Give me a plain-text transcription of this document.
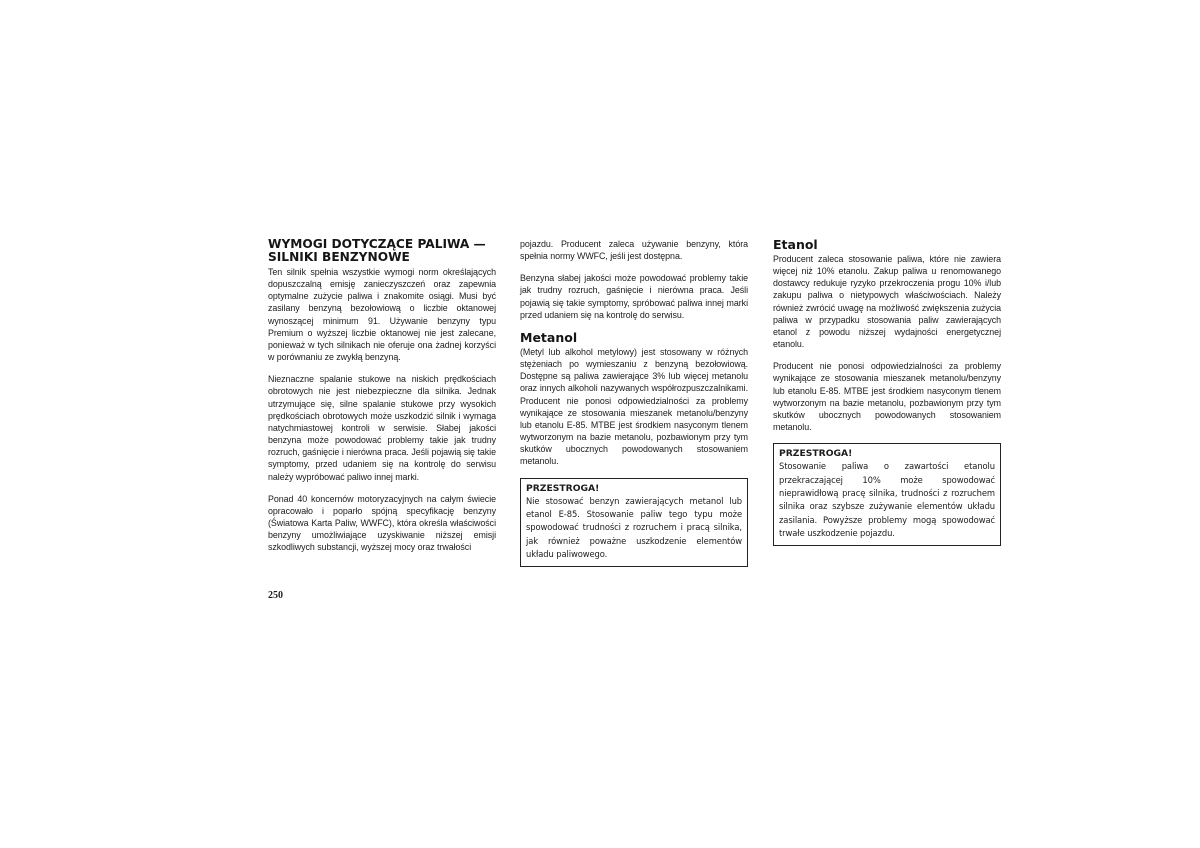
WYMOGI DOTYCZĄCE PALIWA —
SILNIKI BENZYNOWE

Ten silnik spełnia wszystkie wymogi norm określających dopuszczalną emisję zanieczyszczeń oraz zapewnia optymalne zużycie paliwa i znakomite osiągi. Musi być zasilany benzyną bezołowiową o liczbie oktanowej wynoszącej minimum 91. Używanie benzyny typu Premium o wyższej liczbie oktanowej nie jest zalecane, ponieważ w tych silnikach nie oferuje ona żadnej korzyści w porównaniu ze zwykłą benzyną.

Nieznaczne spalanie stukowe na niskich prędkościach obrotowych nie jest niebezpieczne dla silnika. Jednak utrzymujące się, silne spalanie stukowe przy wysokich prędkościach obrotowych może uszkodzić silnik i wymaga natychmiastowej kontroli w serwisie. Słabej jakości benzyna może powodować problemy takie jak trudny rozruch, gaśnięcie i nierówna praca. Jeśli pojawią się takie symptomy, przed udaniem się na kontrolę do serwisu należy wypróbować paliwo innej marki.

Ponad 40 koncernów motoryzacyjnych na całym świecie opracowało i poparło spójną specyfikację benzyny (Światowa Karta Paliw, WWFC), która określa właściwości benzyny umożliwiające uzyskiwanie niższej emisji szkodliwych substancji, wyższej mocy oraz trwałości

pojazdu. Producent zaleca używanie benzyny, która spełnia normy WWFC, jeśli jest dostępna.

Benzyna słabej jakości może powodować problemy takie jak trudny rozruch, gaśnięcie i nierówna praca. Jeśli pojawią się takie symptomy, spróbować paliwa innej marki przed udaniem się na kontrolę do serwisu.

Metanol

(Metyl lub alkohol metylowy) jest stosowany w różnych stężeniach po wymieszaniu z benzyną bezołowiową. Dostępne są paliwa zawierające 3% lub więcej metanolu oraz innych alkoholi nazywanych współrozpuszczalnikami. Producent nie ponosi odpowiedzialności za problemy wynikające ze stosowania mieszanek metanolu/benzyny lub etanolu E-85. MTBE jest środkiem nasyconym tlenem wytworzonym na bazie metanolu, pozbawionym przy tym skutków ubocznych powodowanych stosowaniem metanolu.

PRZESTROGA!
Nie stosować benzyn zawierających metanol lub etanol E-85. Stosowanie paliw tego typu może spowodować trudności z rozruchem i pracą silnika, jak również poważne uszkodzenie elementów układu paliwowego.
Etanol

Producent zaleca stosowanie paliwa, które nie zawiera więcej niż 10% etanolu. Zakup paliwa u renomowanego dostawcy redukuje ryzyko przekroczenia progu 10% i/lub zakupu paliwa o nietypowych właściwościach. Należy również zwrócić uwagę na możliwość zwiększenia zużycia paliwa w przypadku stosowania paliw zawierających etanol z powodu niższej wydajności energetycznej etanolu.

Producent nie ponosi odpowiedzialności za problemy wynikające ze stosowania mieszanek metanolu/benzyny lub etanolu E-85. MTBE jest środkiem nasyconym tlenem wytworzonym na bazie metanolu, pozbawionym przy tym skutków ubocznych powodowanych stosowaniem metanolu.

PRZESTROGA!
Stosowanie paliwa o zawartości etanolu przekraczającej 10% może spowodować nieprawidłową pracę silnika, trudności z rozruchem silnika oraz szybsze zużywanie elementów układu zasilania. Powyższe problemy mogą spowodować trwałe uszkodzenie pojazdu.
250
